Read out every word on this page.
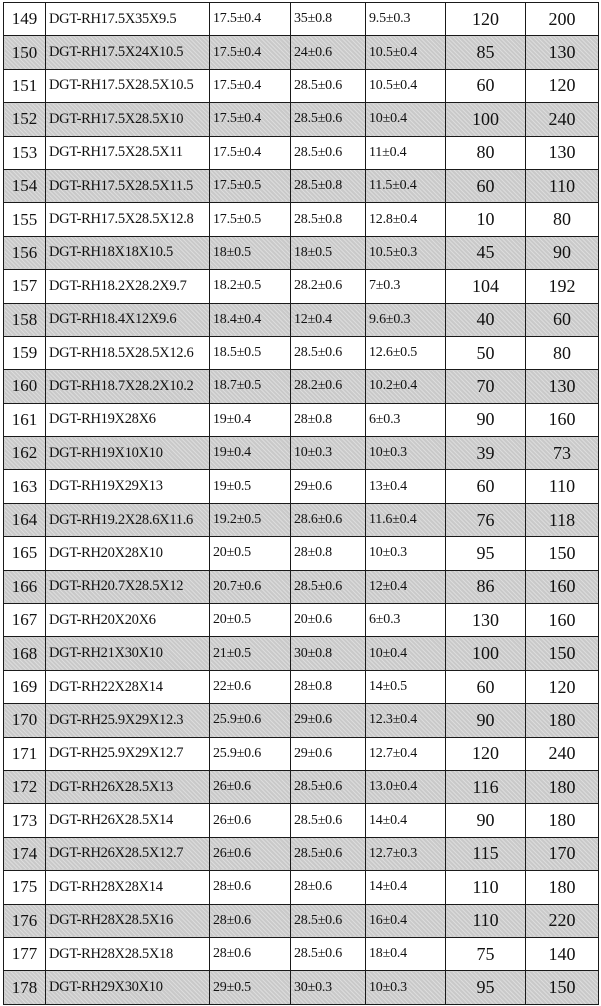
149	DGT-RH17.5X35X9.5	17.5±0.4	35±0.8	9.5±0.3	120	200
150	DGT-RH17.5X24X10.5	17.5±0.4	24±0.6	10.5±0.4	85	130
151	DGT-RH17.5X28.5X10.5	17.5±0.4	28.5±0.6	10.5±0.4	60	120
152	DGT-RH17.5X28.5X10	17.5±0.4	28.5±0.6	10±0.4	100	240
153	DGT-RH17.5X28.5X11	17.5±0.4	28.5±0.6	11±0.4	80	130
154	DGT-RH17.5X28.5X11.5	17.5±0.5	28.5±0.8	11.5±0.4	60	110
155	DGT-RH17.5X28.5X12.8	17.5±0.5	28.5±0.8	12.8±0.4	10	80
156	DGT-RH18X18X10.5	18±0.5	18±0.5	10.5±0.3	45	90
157	DGT-RH18.2X28.2X9.7	18.2±0.5	28.2±0.6	7±0.3	104	192
158	DGT-RH18.4X12X9.6	18.4±0.4	12±0.4	9.6±0.3	40	60
159	DGT-RH18.5X28.5X12.6	18.5±0.5	28.5±0.6	12.6±0.5	50	80
160	DGT-RH18.7X28.2X10.2	18.7±0.5	28.2±0.6	10.2±0.4	70	130
161	DGT-RH19X28X6	19±0.4	28±0.8	6±0.3	90	160
162	DGT-RH19X10X10	19±0.4	10±0.3	10±0.3	39	73
163	DGT-RH19X29X13	19±0.5	29±0.6	13±0.4	60	110
164	DGT-RH19.2X28.6X11.6	19.2±0.5	28.6±0.6	11.6±0.4	76	118
165	DGT-RH20X28X10	20±0.5	28±0.8	10±0.3	95	150
166	DGT-RH20.7X28.5X12	20.7±0.6	28.5±0.6	12±0.4	86	160
167	DGT-RH20X20X6	20±0.5	20±0.6	6±0.3	130	160
168	DGT-RH21X30X10	21±0.5	30±0.8	10±0.4	100	150
169	DGT-RH22X28X14	22±0.6	28±0.8	14±0.5	60	120
170	DGT-RH25.9X29X12.3	25.9±0.6	29±0.6	12.3±0.4	90	180
171	DGT-RH25.9X29X12.7	25.9±0.6	29±0.6	12.7±0.4	120	240
172	DGT-RH26X28.5X13	26±0.6	28.5±0.6	13.0±0.4	116	180
173	DGT-RH26X28.5X14	26±0.6	28.5±0.6	14±0.4	90	180
174	DGT-RH26X28.5X12.7	26±0.6	28.5±0.6	12.7±0.3	115	170
175	DGT-RH28X28X14	28±0.6	28±0.6	14±0.4	110	180
176	DGT-RH28X28.5X16	28±0.6	28.5±0.6	16±0.4	110	220
177	DGT-RH28X28.5X18	28±0.6	28.5±0.6	18±0.4	75	140
178	DGT-RH29X30X10	29±0.5	30±0.3	10±0.3	95	150
